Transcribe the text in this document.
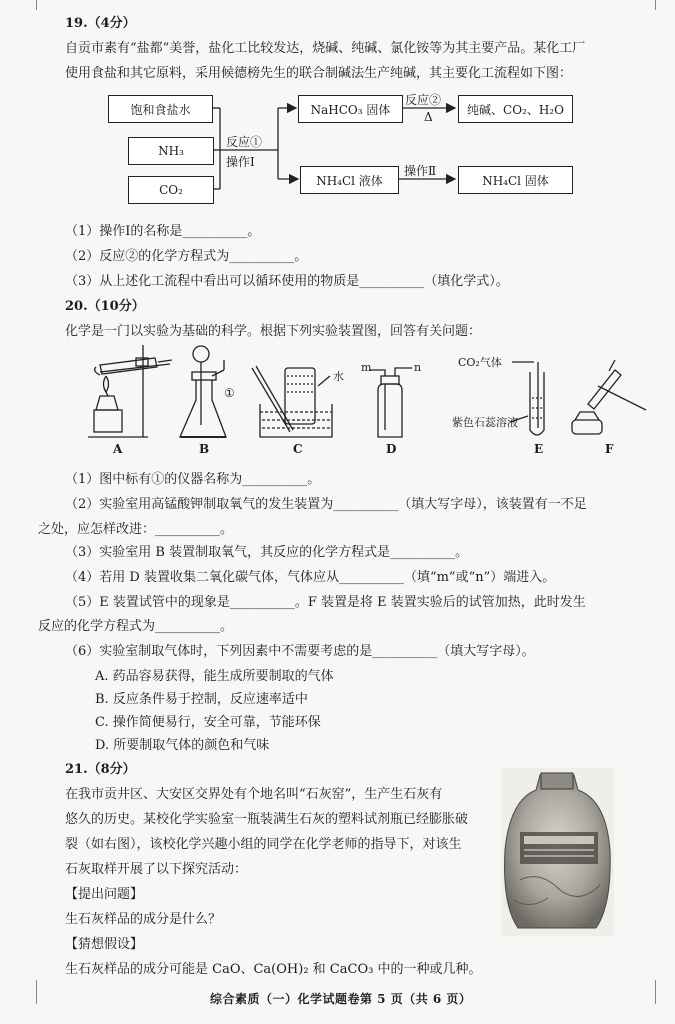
19.（4分）
自贡市素有“盐都”美誉，盐化工比较发达，烧碱、纯碱、氯化铵等为其主要产品。某化工厂
使用食盐和其它原料，采用候德榜先生的联合制碱法生产纯碱，其主要化工流程如下图：
饱和食盐水
NH₃
CO₂
反应①
操作Ⅰ
NaHCO₃ 固体
反应②
Δ
纯碱、CO₂、H₂O
NH₄Cl 液体
操作Ⅱ
NH₄Cl 固体
（1）操作Ⅰ的名称是__________。
（2）反应②的化学方程式为__________。
（3）从上述化工流程中看出可以循环使用的物质是__________（填化学式）。
20.（10分）
化学是一门以实验为基础的科学。根据下列实验装置图，回答有关问题：
①
水
m	n	CO₂气体
紫色石蕊溶液
A	B	C	D	E	F
（1）图中标有①的仪器名称为__________。
（2）实验室用高锰酸钾制取氧气的发生装置为__________（填大写字母），该装置有一不足
之处，应怎样改进：__________。
（3）实验室用 B 装置制取氧气，其反应的化学方程式是__________。
（4）若用 D 装置收集二氧化碳气体，气体应从__________（填“m”或“n”）端进入。
（5）E 装置试管中的现象是__________。F 装置是将 E 装置实验后的试管加热，此时发生
反应的化学方程式为__________。
（6）实验室制取气体时，下列因素中不需要考虑的是__________（填大写字母）。
A. 药品容易获得，能生成所要制取的气体
B. 反应条件易于控制，反应速率适中
C. 操作简便易行，安全可靠，节能环保
D. 所要制取气体的颜色和气味
21.（8分）
在我市贡井区、大安区交界处有个地名叫“石灰窑”，生产生石灰有
悠久的历史。某校化学实验室一瓶装满生石灰的塑料试剂瓶已经膨胀破
裂（如右图），该校化学兴趣小组的同学在化学老师的指导下，对该生
石灰取样开展了以下探究活动：
【提出问题】
生石灰样品的成分是什么？
【猜想假设】
生石灰样品的成分可能是 CaO、Ca(OH)₂ 和 CaCO₃ 中的一种或几种。
综合素质（一）化学试题卷第 5 页（共 6 页）
